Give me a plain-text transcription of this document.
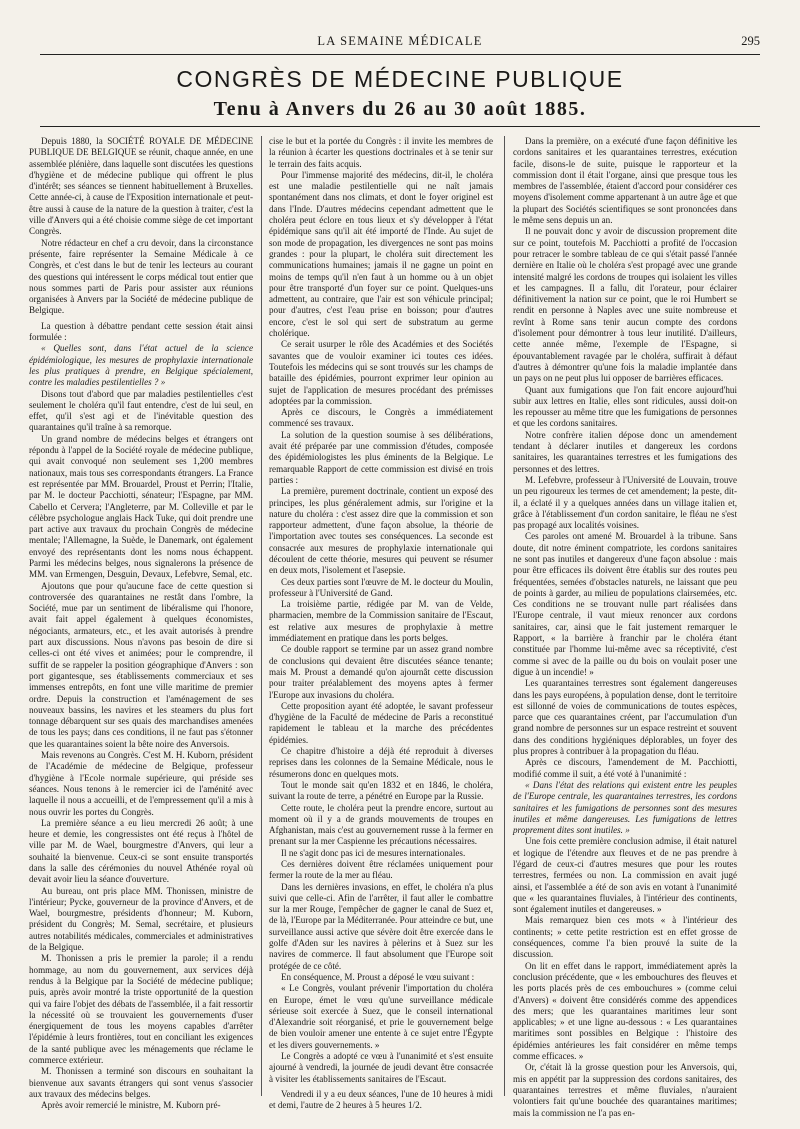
LA SEMAINE MÉDICALE	295
CONGRÈS DE MÉDECINE PUBLIQUE
Tenu à Anvers du 26 au 30 août 1885.

Depuis 1880, la SOCIÉTÉ ROYALE DE MÉDECINE PUBLIQUE DE BELGIQUE se réunit, chaque année, en une assemblée plénière, dans laquelle sont discutées les questions d'hygiène et de médecine publique qui offrent le plus d'intérêt; ses séances se tiennent habituellement à Bruxelles. Cette année-ci, à cause de l'Exposition internationale et peut-être aussi à cause de la nature de la question à traiter, c'est la ville d'Anvers qui a été choisie comme siège de cet important Congrès.

Notre rédacteur en chef a cru devoir, dans la circonstance présente, faire représenter la Semaine Médicale à ce Congrès, et c'est dans le but de tenir les lecteurs au courant des questions qui intéressent le corps médical tout entier que nous sommes parti de Paris pour assister aux réunions organisées à Anvers par la Société de médecine publique de Belgique.

La question à débattre pendant cette session était ainsi formulée :

« Quelles sont, dans l'état actuel de la science épidémiologique, les mesures de prophylaxie internationale les plus pratiques à prendre, en Belgique spécialement, contre les maladies pestilentielles ? »

Disons tout d'abord que par maladies pestilentielles c'est seulement le choléra qu'il faut entendre, c'est de lui seul, en effet, qu'il s'est agi et de l'inévitable question des quarantaines qu'il traîne à sa remorque.

Un grand nombre de médecins belges et étrangers ont répondu à l'appel de la Société royale de médecine publique, qui avait convoqué non seulement ses 1,200 membres nationaux, mais tous ses correspondants étrangers. La France est représentée par MM. Brouardel, Proust et Perrin; l'Italie, par M. le docteur Pacchiotti, sénateur; l'Espagne, par MM. Cabello et Cervera; l'Angleterre, par M. Colleville et par le célèbre psychologue anglais Hack Tuke, qui doit prendre une part active aux travaux du prochain Congrès de médecine mentale; l'Allemagne, la Suède, le Danemark, ont également envoyé des représentants dont les noms nous échappent. Parmi les médecins belges, nous signalerons la présence de MM. van Ermengen, Desguin, Devaux, Lefebvre, Semal, etc.

Ajoutons que pour qu'aucune face de cette question si controversée des quarantaines ne restât dans l'ombre, la Société, mue par un sentiment de libéralisme qui l'honore, avait fait appel également à quelques économistes, négociants, armateurs, etc., et les avait autorisés à prendre part aux discussions. Nous n'avons pas besoin de dire si celles-ci ont été vives et animées; pour le comprendre, il suffit de se rappeler la position géographique d'Anvers : son port gigantesque, ses établissements commerciaux et ses immenses entrepôts, en font une ville maritime de premier ordre. Depuis la construction et l'aménagement de ses nouveaux bassins, les navires et les steamers du plus fort tonnage débarquent sur ses quais des marchandises amenées de tous les pays; dans ces conditions, il ne faut pas s'étonner que les quarantaines soient la bête noire des Anversois.

Mais revenons au Congrès. C'est M. H. Kuborn, président de l'Académie de médecine de Belgique, professeur d'hygiène à l'Ecole normale supérieure, qui préside ses séances. Nous tenons à le remercier ici de l'aménité avec laquelle il nous a accueilli, et de l'empressement qu'il a mis à nous ouvrir les portes du Congrès.

La première séance a eu lieu mercredi 26 août; à une heure et demie, les congressistes ont été reçus à l'hôtel de ville par M. de Wael, bourgmestre d'Anvers, qui leur a souhaité la bienvenue. Ceux-ci se sont ensuite transportés dans la salle des cérémonies du nouvel Athénée royal où devait avoir lieu la séance d'ouverture.

Au bureau, ont pris place MM. Thonissen, ministre de l'intérieur; Pycke, gouverneur de la province d'Anvers, et de Wael, bourgmestre, présidents d'honneur; M. Kuborn, président du Congrès; M. Semal, secrétaire, et plusieurs autres notabilités médicales, commerciales et administratives de la Belgique.

M. Thonissen a pris le premier la parole; il a rendu hommage, au nom du gouvernement, aux services déjà rendus à la Belgique par la Société de médecine publique; puis, après avoir montré la triste opportunité de la question qui va faire l'objet des débats de l'assemblée, il a fait ressortir la nécessité où se trouvaient les gouvernements d'user énergiquement de tous les moyens capables d'arrêter l'épidémie à leurs frontières, tout en conciliant les exigences de la santé publique avec les ménagements que réclame le commerce extérieur.

M. Thonissen a terminé son discours en souhaitant la bienvenue aux savants étrangers qui sont venus s'associer aux travaux des médecins belges.

Après avoir remercié le ministre, M. Kuborn pré-

cise le but et la portée du Congrès : il invite les membres de la réunion à écarter les questions doctrinales et à se tenir sur le terrain des faits acquis.

Pour l'immense majorité des médecins, dit-il, le choléra est une maladie pestilentielle qui ne naît jamais spontanément dans nos climats, et dont le foyer originel est dans l'Inde. D'autres médecins cependant admettent que le choléra peut éclore en tous lieux et s'y développer à l'état épidémique sans qu'il ait été importé de l'Inde. Au sujet de son mode de propagation, les divergences ne sont pas moins grandes : pour la plupart, le choléra suit directement les communications humaines; jamais il ne gagne un point en moins de temps qu'il n'en faut à un homme ou à un objet pour être transporté d'un foyer sur ce point. Quelques-uns admettent, au contraire, que l'air est son véhicule principal; pour d'autres, c'est l'eau prise en boisson; pour d'autres encore, c'est le sol qui sert de substratum au germe cholérique.

Ce serait usurper le rôle des Académies et des Sociétés savantes que de vouloir examiner ici toutes ces idées. Toutefois les médecins qui se sont trouvés sur les champs de bataille des épidémies, pourront exprimer leur opinion au sujet de l'application de mesures procédant des prémisses adoptées par la commission.

Après ce discours, le Congrès a immédiatement commencé ses travaux.

La solution de la question soumise à ses délibérations, avait été préparée par une commission d'études, composée des épidémiologistes les plus éminents de la Belgique. Le remarquable Rapport de cette commission est divisé en trois parties :

La première, purement doctrinale, contient un exposé des principes, les plus généralement admis, sur l'origine et la nature du choléra : c'est assez dire que la commission et son rapporteur admettent, d'une façon absolue, la théorie de l'importation avec toutes ses conséquences. La seconde est consacrée aux mesures de prophylaxie internationale qui découlent de cette théorie, mesures qui peuvent se résumer en deux mots, l'isolement et l'asepsie.

Ces deux parties sont l'œuvre de M. le docteur du Moulin, professeur à l'Université de Gand.

La troisième partie, rédigée par M. van de Velde, pharmacien, membre de la Commission sanitaire de l'Escaut, est relative aux mesures de prophylaxie à mettre immédiatement en pratique dans les ports belges.

Ce double rapport se termine par un assez grand nombre de conclusions qui devaient être discutées séance tenante; mais M. Proust a demandé qu'on ajournât cette discussion pour traiter préalablement des moyens aptes à fermer l'Europe aux invasions du choléra.

Cette proposition ayant été adoptée, le savant professeur d'hygiène de la Faculté de médecine de Paris a reconstitué rapidement le tableau et la marche des précédentes épidémies.

Ce chapitre d'histoire a déjà été reproduit à diverses reprises dans les colonnes de la Semaine Médicale, nous le résumerons donc en quelques mots.

Tout le monde sait qu'en 1832 et en 1846, le choléra, suivant la route de terre, a pénétré en Europe par la Russie.

Cette route, le choléra peut la prendre encore, surtout au moment où il y a de grands mouvements de troupes en Afghanistan, mais c'est au gouvernement russe à la fermer en prenant sur la mer Caspienne les précautions nécessaires.

Il ne s'agit donc pas ici de mesures internationales.

Ces dernières doivent être réclamées uniquement pour fermer la route de la mer au fléau.

Dans les dernières invasions, en effet, le choléra n'a plus suivi que celle-ci. Afin de l'arrêter, il faut aller le combattre sur la mer Rouge, l'empêcher de gagner le canal de Suez et, de là, l'Europe par la Méditerranée. Pour atteindre ce but, une surveillance aussi active que sévère doit être exercée dans le golfe d'Aden sur les navires à pèlerins et à Suez sur les navires de commerce. Il faut absolument que l'Europe soit protégée de ce côté.

En conséquence, M. Proust a déposé le vœu suivant :

« Le Congrès, voulant prévenir l'importation du choléra en Europe, émet le vœu qu'une surveillance médicale sérieuse soit exercée à Suez, que le conseil international d'Alexandrie soit réorganisé, et prie le gouvernement belge de bien vouloir amener une entente à ce sujet entre l'Égypte et les divers gouvernements. »

Le Congrès a adopté ce vœu à l'unanimité et s'est ensuite ajourné à vendredi, la journée de jeudi devant être consacrée à visiter les établissements sanitaires de l'Escaut.

Vendredi il y a eu deux séances, l'une de 10 heures à midi et demi, l'autre de 2 heures à 5 heures 1/2.

Dans la première, on a exécuté d'une façon définitive les cordons sanitaires et les quarantaines terrestres, exécution facile, disons-le de suite, puisque le rapporteur et la commission dont il était l'organe, ainsi que presque tous les membres de l'assemblée, étaient d'accord pour considérer ces moyens d'isolement comme appartenant à un autre âge et que la plupart des Sociétés scientifiques se sont prononcées dans le même sens depuis un an.

Il ne pouvait donc y avoir de discussion proprement dite sur ce point, toutefois M. Pacchiotti a profité de l'occasion pour retracer le sombre tableau de ce qui s'était passé l'année dernière en Italie où le choléra s'est propagé avec une grande intensité malgré les cordons de troupes qui isolaient les villes et les campagnes. Il a fallu, dit l'orateur, pour éclairer définitivement la nation sur ce point, que le roi Humbert se rendit en personne à Naples avec une suite nombreuse et revînt à Rome sans tenir aucun compte des cordons d'isolement pour démontrer à tous leur inutilité. D'ailleurs, cette année même, l'exemple de l'Espagne, si épouvantablement ravagée par le choléra, suffirait à défaut d'autres à démontrer qu'une fois la maladie implantée dans un pays on ne peut plus lui opposer de barrières efficaces.

Quant aux fumigations que l'on fait encore aujourd'hui subir aux lettres en Italie, elles sont ridicules, aussi doit-on les repousser au même titre que les fumigations de personnes et que les cordons sanitaires.

Notre confrère italien dépose donc un amendement tendant à déclarer inutiles et dangereux les cordons sanitaires, les quarantaines terrestres et les fumigations des personnes et des lettres.

M. Lefebvre, professeur à l'Université de Louvain, trouve un peu rigoureux les termes de cet amendement; la peste, dit-il, a éclaté il y a quelques années dans un village italien et, grâce à l'établissement d'un cordon sanitaire, le fléau ne s'est pas propagé aux localités voisines.

Ces paroles ont amené M. Brouardel à la tribune. Sans doute, dit notre éminent compatriote, les cordons sanitaires ne sont pas inutiles et dangereux d'une façon absolue : mais pour être efficaces ils doivent être établis sur des routes peu fréquentées, semées d'obstacles naturels, ne laissant que peu de points à garder, au milieu de populations clairsemées, etc. Ces conditions ne se trouvant nulle part réalisées dans l'Europe centrale, il vaut mieux renoncer aux cordons sanitaires, car, ainsi que le fait justement remarquer le Rapport, « la barrière à franchir par le choléra étant constituée par l'homme lui-même avec sa réceptivité, c'est comme si avec de la paille ou du bois on voulait poser une digue à un incendie! »

Les quarantaines terrestres sont également dangereuses dans les pays européens, à population dense, dont le territoire est sillonné de voies de communications de toutes espèces, parce que ces quarantaines créent, par l'accumulation d'un grand nombre de personnes sur un espace restreint et souvent dans des conditions hygiéniques déplorables, un foyer des plus propres à contribuer à la propagation du fléau.

Après ce discours, l'amendement de M. Pacchiotti, modifié comme il suit, a été voté à l'unanimité :

« Dans l'état des relations qui existent entre les peuples de l'Europe centrale, les quarantaines terrestres, les cordons sanitaires et les fumigations de personnes sont des mesures inutiles et même dangereuses. Les fumigations de lettres proprement dites sont inutiles. »

Une fois cette première conclusion admise, il était naturel et logique de l'étendre aux fleuves et de ne pas prendre à l'égard de ceux-ci d'autres mesures que pour les routes terrestres, fermées ou non. La commission en avait jugé ainsi, et l'assemblée a été de son avis en votant à l'unanimité que « les quarantaines fluviales, à l'intérieur des continents, sont également inutiles et dangereuses. »

Mais remarquez bien ces mots « à l'intérieur des continents; » cette petite restriction est en effet grosse de conséquences, comme l'a bien prouvé la suite de la discussion.

On lit en effet dans le rapport, immédiatement après la conclusion précédente, que « les embouchures des fleuves et les ports placés près de ces embouchures » (comme celui d'Anvers) « doivent être considérés comme des appendices des mers; que les quarantaines maritimes leur sont applicables; » et une ligne au-dessous : « Les quarantaines maritimes sont possibles en Belgique : l'histoire des épidémies antérieures les fait considérer en même temps comme efficaces. »

Or, c'était là la grosse question pour les Anversois, qui, mis en appétit par la suppression des cordons sanitaires, des quarantaines terrestres et même fluviales, n'auraient volontiers fait qu'une bouchée des quarantaines maritimes; mais la commission ne l'a pas en-
